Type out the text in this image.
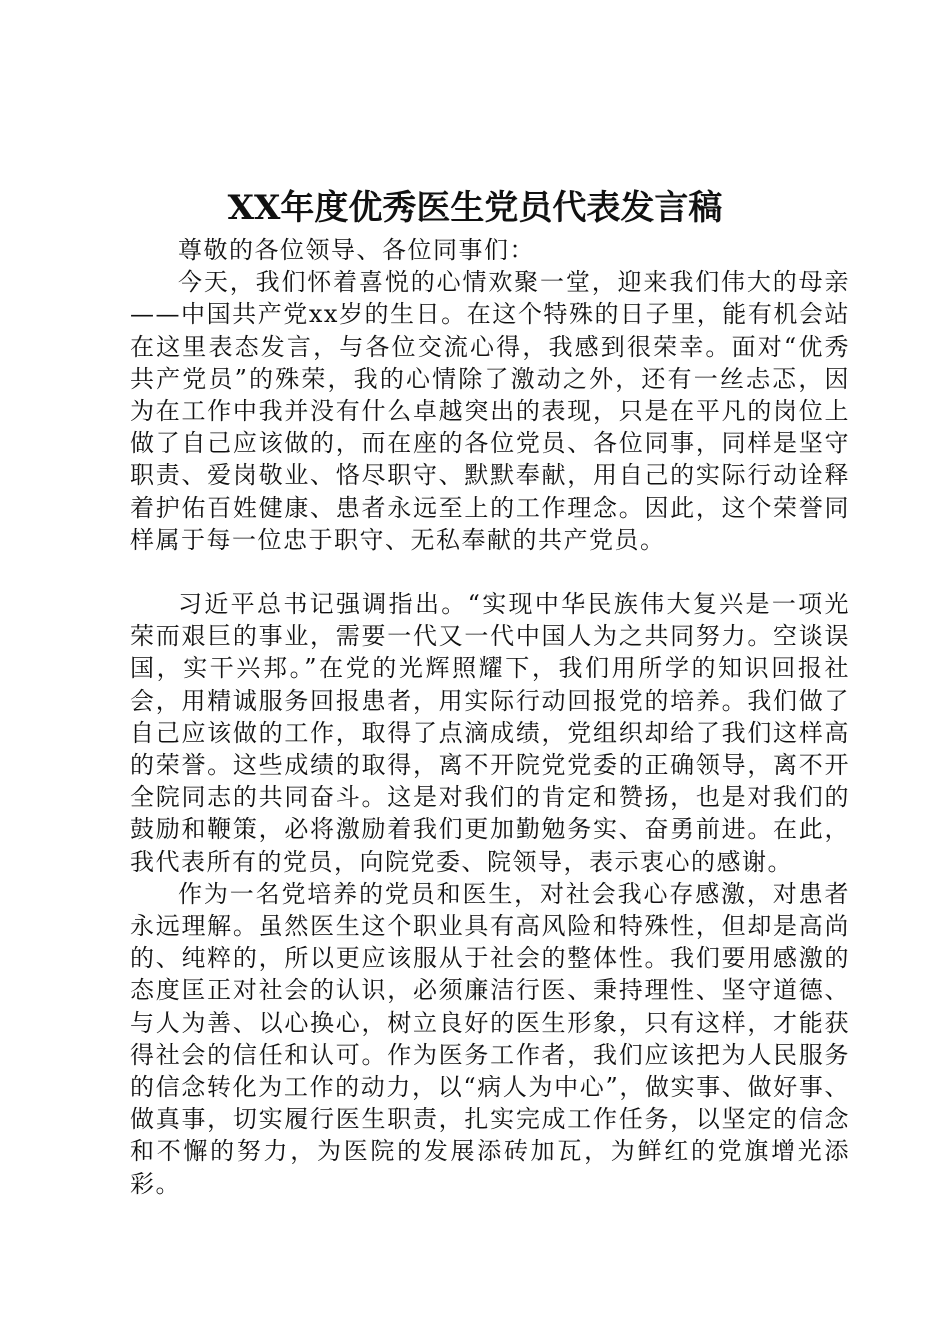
XX年度优秀医生党员代表发言稿

尊敬的各位领导、各位同事们：

今天，我们怀着喜悦的心情欢聚一堂，迎来我们伟大的母亲——中国共产党xx岁的生日。在这个特殊的日子里，能有机会站在这里表态发言，与各位交流心得，我感到很荣幸。面对“优秀共产党员”的殊荣，我的心情除了激动之外，还有一丝忐忑，因为在工作中我并没有什么卓越突出的表现，只是在平凡的岗位上做了自己应该做的，而在座的各位党员、各位同事，同样是坚守职责、爱岗敬业、恪尽职守、默默奉献，用自己的实际行动诠释着护佑百姓健康、患者永远至上的工作理念。因此，这个荣誉同样属于每一位忠于职守、无私奉献的共产党员。

习近平总书记强调指出。“实现中华民族伟大复兴是一项光荣而艰巨的事业，需要一代又一代中国人为之共同努力。空谈误国，实干兴邦。”在党的光辉照耀下，我们用所学的知识回报社会，用精诚服务回报患者，用实际行动回报党的培养。我们做了自己应该做的工作，取得了点滴成绩，党组织却给了我们这样高的荣誉。这些成绩的取得，离不开院党党委的正确领导，离不开全院同志的共同奋斗。这是对我们的肯定和赞扬，也是对我们的鼓励和鞭策，必将激励着我们更加勤勉务实、奋勇前进。在此，我代表所有的党员，向院党委、院领导，表示衷心的感谢。

作为一名党培养的党员和医生，对社会我心存感激，对患者永远理解。虽然医生这个职业具有高风险和特殊性，但却是高尚的、纯粹的，所以更应该服从于社会的整体性。我们要用感激的态度匡正对社会的认识，必须廉洁行医、秉持理性、坚守道德、与人为善、以心换心，树立良好的医生形象，只有这样，才能获得社会的信任和认可。作为医务工作者，我们应该把为人民服务的信念转化为工作的动力，以“病人为中心”，做实事、做好事、做真事，切实履行医生职责，扎实完成工作任务，以坚定的信念和不懈的努力，为医院的发展添砖加瓦，为鲜红的党旗增光添彩。
